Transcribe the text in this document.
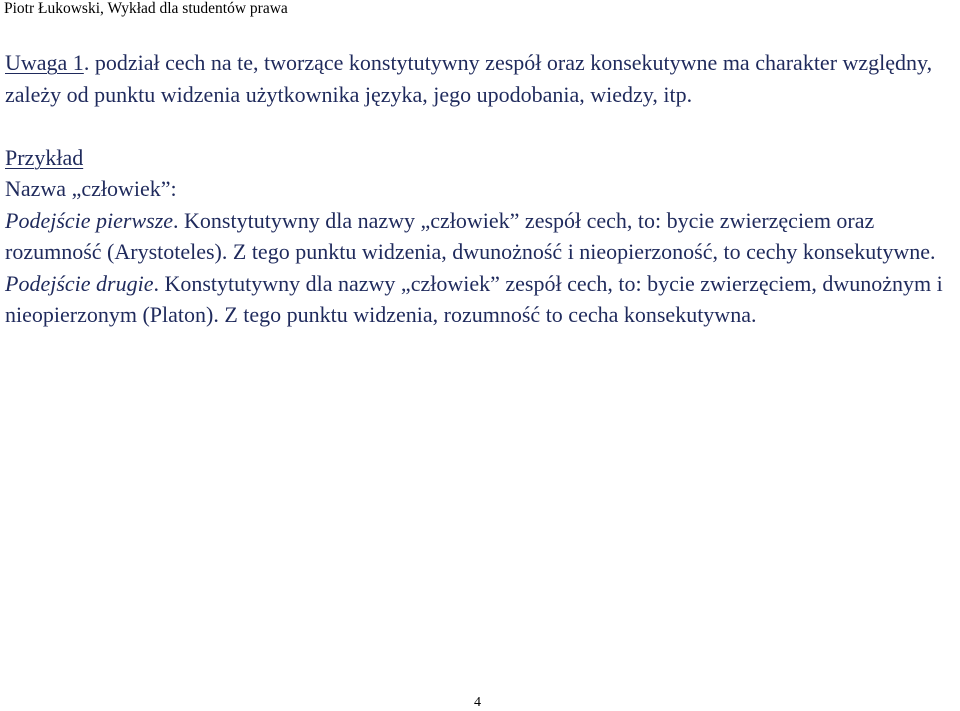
Piotr Łukowski, Wykład dla studentów prawa

Uwaga 1. podział cech na te, tworzące konstytutywny zespół oraz konsekutywne ma charakter względny, zależy od punktu widzenia użytkownika języka, jego upodobania, wiedzy, itp.

Przykład

Nazwa „człowiek”:

Podejście pierwsze. Konstytutywny dla nazwy „człowiek” zespół cech, to: bycie zwierzęciem oraz rozumność (Arystoteles). Z tego punktu widzenia, dwunożność i nieopierzoność, to cechy konsekutywne.

Podejście drugie. Konstytutywny dla nazwy „człowiek” zespół cech, to: bycie zwierzęciem, dwunożnym i nieopierzonym (Platon). Z tego punktu widzenia, rozumność to cecha konsekutywna.

4
